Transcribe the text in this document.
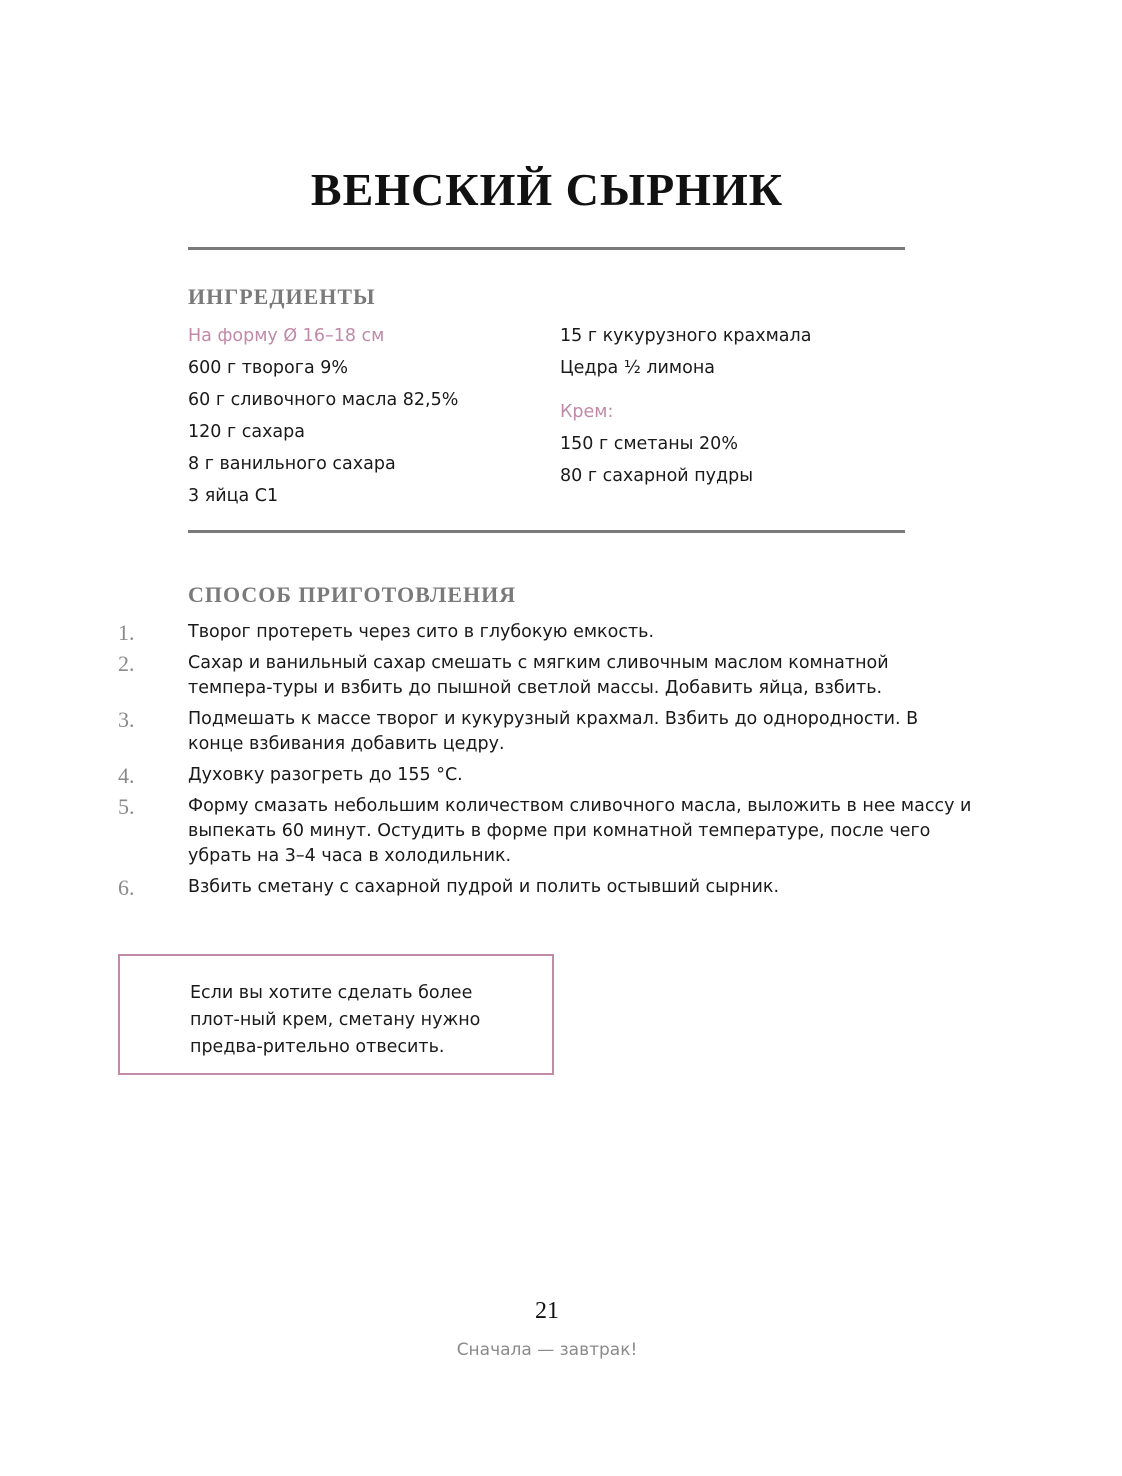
ВЕНСКИЙ СЫРНИК
ИНГРЕДИЕНТЫ
На форму Ø 16–18 см
600 г творога 9%
60 г сливочного масла 82,5%
120 г сахара
8 г ванильного сахара
3 яйца С1
15 г кукурузного крахмала
Цедра ½ лимона
Крем:
150 г сметаны 20%
80 г сахарной пудры
СПОСОБ ПРИГОТОВЛЕНИЯ
1.	Творог протереть через сито в глубокую емкость.
2.	Сахар и ванильный сахар смешать с мягким сливочным маслом комнатной темпера-туры и взбить до пышной светлой массы. Добавить яйца, взбить.
3.	Подмешать к массе творог и кукурузный крахмал. Взбить до однородности. В конце взбивания добавить цедру.
4.	Духовку разогреть до 155 °С.
5.	Форму смазать небольшим количеством сливочного масла, выложить в нее массу и выпекать 60 минут. Остудить в форме при комнатной температуре, после чего убрать на 3–4 часа в холодильник.
6.	Взбить сметану с сахарной пудрой и полить остывший сырник.
Если вы хотите сделать более плот-ный крем, сметану нужно предва-рительно отвесить.
21
Сначала — завтрак!
